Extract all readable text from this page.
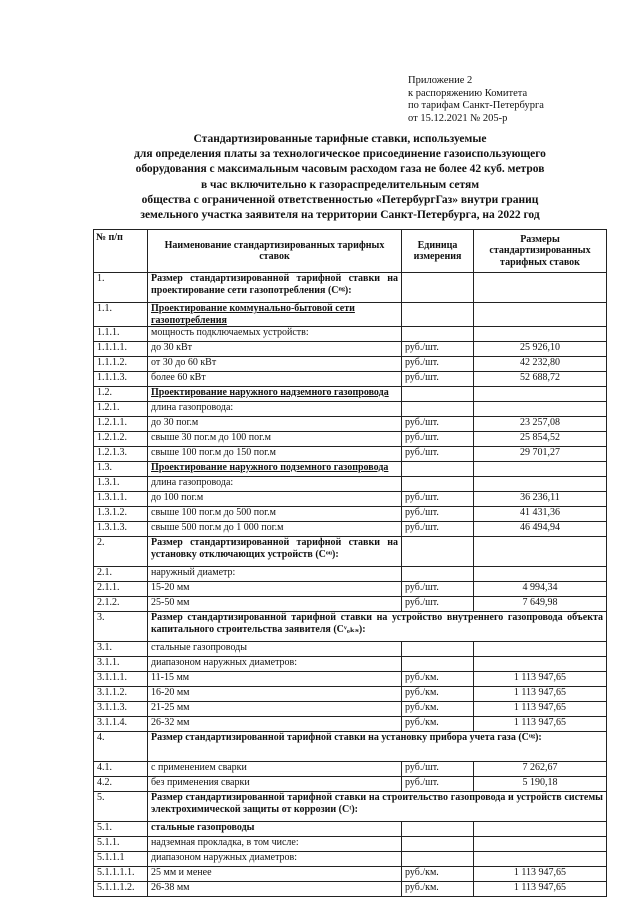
Приложение 2
к распоряжению Комитета
по тарифам Санкт-Петербурга
от 15.12.2021 № 205-р
Стандартизированные тарифные ставки, используемые
для определения платы за технологическое присоединение газоиспользующего
оборудования с максимальным часовым расходом газа не более 42 куб. метров
в час включительно к газораспределительным сетям
общества с ограниченной ответственностью «ПетербургГаз» внутри границ
земельного участка заявителя на территории Санкт-Петербурга, на 2022 год
№ п/п	Наименование стандартизированных тарифных ставок	Единица измерения	Размеры стандартизированных тарифных ставок
1.	Размер стандартизированной тарифной ставки на проектирование сети газопотребления (Сⁿᵍ):		
1.1.	Проектирование коммунально-бытовой сети газопотребления		
1.1.1.	мощность подключаемых устройств:		
1.1.1.1.	до 30 кВт	руб./шт.	25 926,10
1.1.1.2.	от 30 до 60 кВт	руб./шт.	42 232,80
1.1.1.3.	более 60 кВт	руб./шт.	52 688,72
1.2.	Проектирование наружного надземного газопровода		
1.2.1.	длина газопровода:		
1.2.1.1.	до 30 пог.м	руб./шт.	23 257,08
1.2.1.2.	свыше 30 пог.м до 100 пог.м	руб./шт.	25 854,52
1.2.1.3.	свыше 100 пог.м до 150 пог.м	руб./шт.	29 701,27
1.3.	Проектирование наружного подземного газопровода		
1.3.1.	длина газопровода:		
1.3.1.1.	до 100 пог.м	руб./шт.	36 236,11
1.3.1.2.	свыше 100 пог.м до 500 пог.м	руб./шт.	41 431,36
1.3.1.3.	свыше 500 пог.м до 1 000 пог.м	руб./шт.	46 494,94
2.	Размер стандартизированной тарифной ставки на установку отключающих устройств (Сᵒᵘ):		
2.1.	наружный диаметр:		
2.1.1.	15-20 мм	руб./шт.	4 994,34
2.1.2.	25-50 мм	руб./шт.	7 649,98
3.	Размер стандартизированной тарифной ставки на устройство внутреннего газопровода объекта капитального строительства заявителя (Сᵛₒₖₛ):		
3.1.	стальные газопроводы		
3.1.1.	диапазоном наружных диаметров:		
3.1.1.1.	11-15 мм	руб./км.	1 113 947,65
3.1.1.2.	16-20 мм	руб./км.	1 113 947,65
3.1.1.3.	21-25 мм	руб./км.	1 113 947,65
3.1.1.4.	26-32 мм	руб./км.	1 113 947,65
4.	Размер стандартизированной тарифной ставки на установку прибора учета газа (Сᵘᵍ):		
4.1.	с применением сварки	руб./шт.	7 262,67
4.2.	без применения сварки	руб./шт.	5 190,18
5.	Размер стандартизированной тарифной ставки на строительство газопровода и устройств системы электрохимической защиты от коррозии (Сᵗ):		
5.1.	стальные газопроводы		
5.1.1.	надземная прокладка, в том числе:		
5.1.1.1	диапазоном наружных диаметров:		
5.1.1.1.1.	25 мм и менее	руб./км.	1 113 947,65
5.1.1.1.2.	26-38 мм	руб./км.	1 113 947,65
